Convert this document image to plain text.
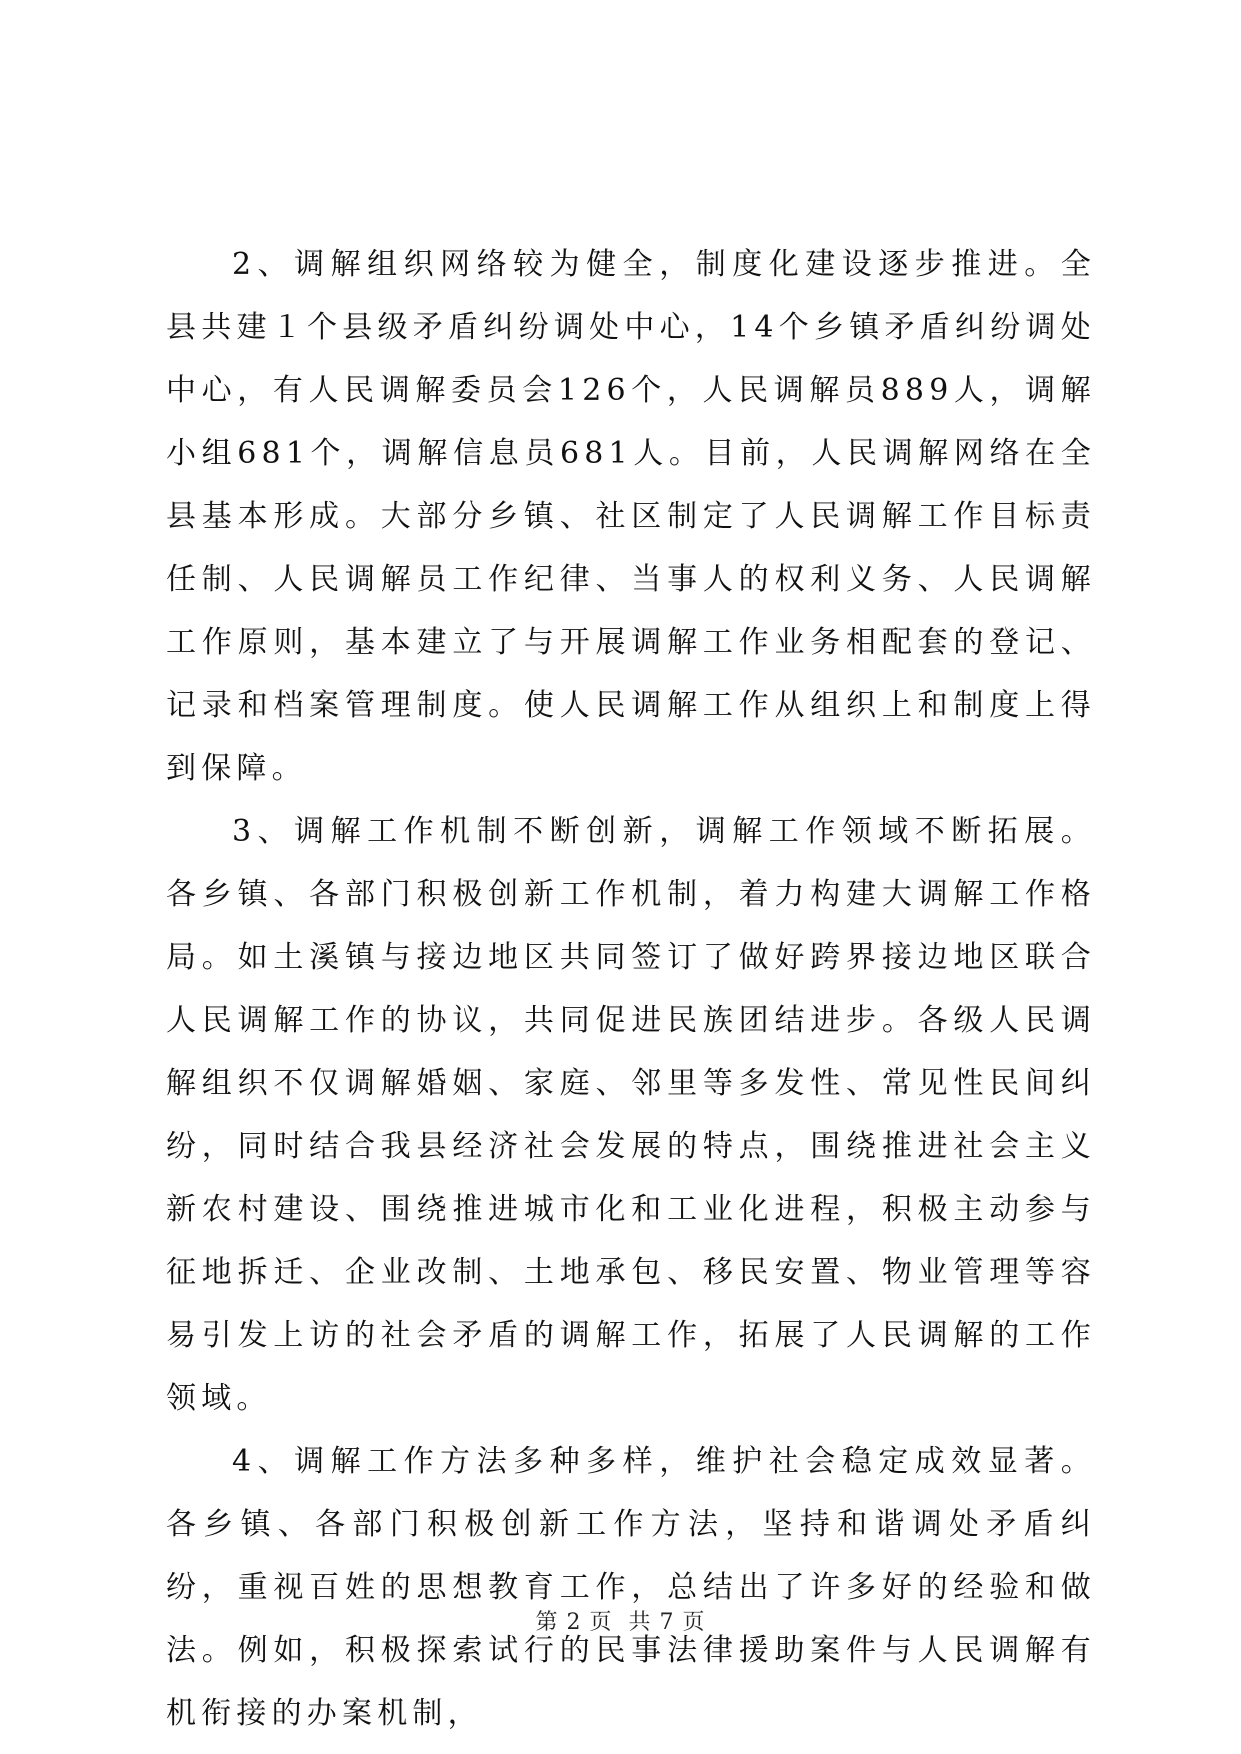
2、调解组织网络较为健全，制度化建设逐步推进。全县共建１个县级矛盾纠纷调处中心，14个乡镇矛盾纠纷调处中心，有人民调解委员会126个，人民调解员889人，调解小组681个，调解信息员681人。目前，人民调解网络在全县基本形成。大部分乡镇、社区制定了人民调解工作目标责任制、人民调解员工作纪律、当事人的权利义务、人民调解工作原则，基本建立了与开展调解工作业务相配套的登记、记录和档案管理制度。使人民调解工作从组织上和制度上得到保障。

3、调解工作机制不断创新，调解工作领域不断拓展。各乡镇、各部门积极创新工作机制，着力构建大调解工作格局。如土溪镇与接边地区共同签订了做好跨界接边地区联合人民调解工作的协议，共同促进民族团结进步。各级人民调解组织不仅调解婚姻、家庭、邻里等多发性、常见性民间纠纷，同时结合我县经济社会发展的特点，围绕推进社会主义新农村建设、围绕推进城市化和工业化进程，积极主动参与征地拆迁、企业改制、土地承包、移民安置、物业管理等容易引发上访的社会矛盾的调解工作，拓展了人民调解的工作领域。

4、调解工作方法多种多样，维护社会稳定成效显著。各乡镇、各部门积极创新工作方法，坚持和谐调处矛盾纠纷，重视百姓的思想教育工作，总结出了许多好的经验和做法。例如，积极探索试行的民事法律援助案件与人民调解有机衔接的办案机制，

第 2 页 共 7 页
